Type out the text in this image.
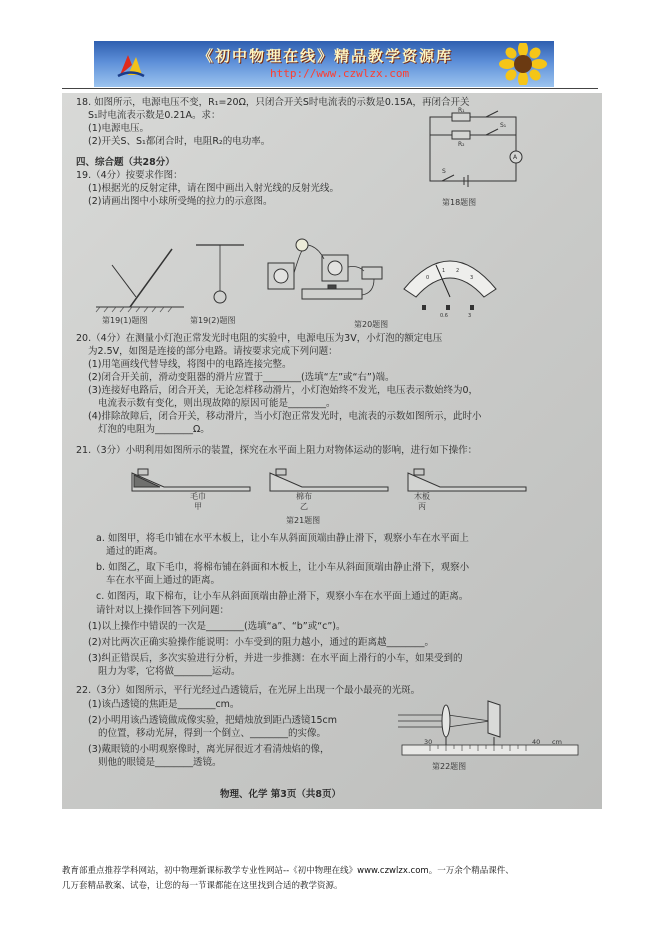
《初中物理在线》精品教学资源库
http://www.czwlzx.com
18. 如图所示，电源电压不变，R₁=20Ω，只闭合开关S时电流表的示数是0.15A，再闭合开关
S₁时电流表示数是0.21A。求：
(1)电源电压。
(2)开关S、S₁都闭合时，电阻R₂的电功率。
R₁
R₂
S₁
S
A
第18题图
四、综合题（共28分）
19.（4分）按要求作图：
(1)根据光的反射定律，请在图中画出入射光线的反射光线。
(2)请画出图中小球所受绳的拉力的示意图。
第19(1)题图	第19(2)题图
0
1 2
3
0.6	3
第20题图
20.（4分）在测量小灯泡正常发光时电阻的实验中，电源电压为3V，小灯泡的额定电压
为2.5V，如图是连接的部分电路。请按要求完成下列问题：
(1)用笔画线代替导线，将图中的电路连接完整。
(2)闭合开关前，滑动变阻器的滑片应置于________(选填“左”或“右”)端。
(3)连接好电路后，闭合开关，无论怎样移动滑片，小灯泡始终不发光，电压表示数始终为0，
电流表示数有变化，则出现故障的原因可能是________。
(4)排除故障后，闭合开关，移动滑片，当小灯泡正常发光时，电流表的示数如图所示，此时小
灯泡的电阻为________Ω。
21.（3分）小明利用如图所示的装置，探究在水平面上阻力对物体运动的影响，进行如下操作：
毛巾
甲
棉布
乙
木板
丙
第21题图
a. 如图甲，将毛巾铺在水平木板上，让小车从斜面顶端由静止滑下，观察小车在水平面上
通过的距离。
b. 如图乙，取下毛巾，将棉布铺在斜面和木板上，让小车从斜面顶端由静止滑下，观察小
车在水平面上通过的距离。
c. 如图丙，取下棉布，让小车从斜面顶端由静止滑下，观察小车在水平面上通过的距离。
请针对以上操作回答下列问题：
(1)以上操作中错误的一次是________(选填“a”、“b”或“c”)。
(2)对比两次正确实验操作能说明：小车受到的阻力越小，通过的距离越________。
(3)纠正错误后，多次实验进行分析，并进一步推测：在水平面上滑行的小车，如果受到的
阻力为零，它将做________运动。
22.（3分）如图所示，平行光经过凸透镜后，在光屏上出现一个最小最亮的光斑。
(1)该凸透镜的焦距是________cm。
(2)小明用该凸透镜做成像实验，把蜡烛放到距凸透镜15cm
的位置，移动光屏，得到一个倒立、________的实像。
(3)戴眼镜的小明观察像时，离光屏很近才看清烛焰的像，
则他的眼镜是________透镜。
30	40 cm
第22题图
物理、化学 第3页（共8页）
教育部重点推荐学科网站，初中物理新课标教学专业性网站--《初中物理在线》www.czwlzx.com。一万余个精品课件、
几万套精品教案、试卷，让您的每一节课都能在这里找到合适的教学资源。
